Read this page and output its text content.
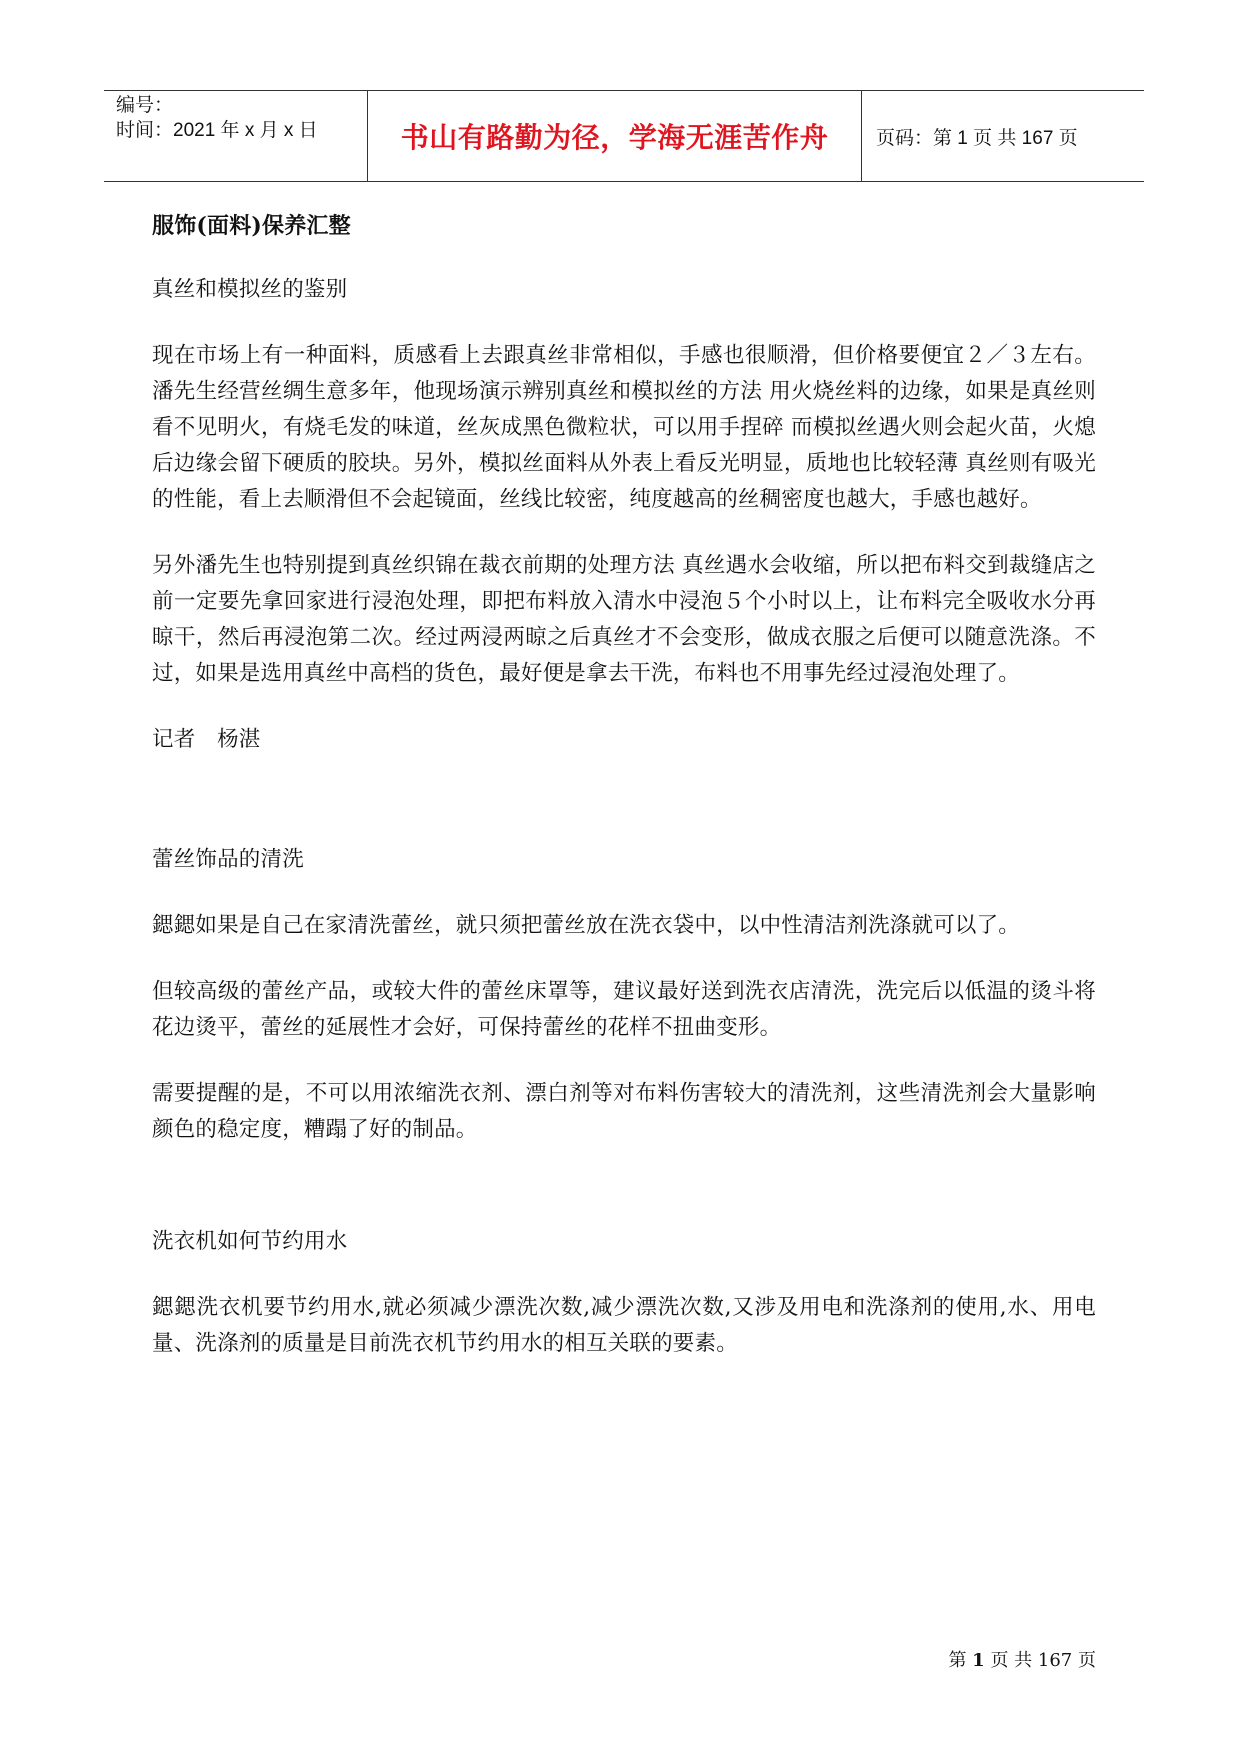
编号：
时间：2021 年 x 月 x 日	书山有路勤为径，学海无涯苦作舟	页码：第 1 页 共 167 页
服饰(面料)保养汇整
真丝和模拟丝的鉴别
现在市场上有一种面料，质感看上去跟真丝非常相似，手感也很顺滑，但价格要便宜２／３左右。潘先生经营丝绸生意多年，他现场演示辨别真丝和模拟丝的方法 用火烧丝料的边缘，如果是真丝则看不见明火，有烧毛发的味道，丝灰成黑色微粒状，可以用手捏碎 而模拟丝遇火则会起火苗，火熄后边缘会留下硬质的胶块。另外，模拟丝面料从外表上看反光明显，质地也比较轻薄 真丝则有吸光的性能，看上去顺滑但不会起镜面，丝线比较密，纯度越高的丝稠密度也越大，手感也越好。
另外潘先生也特别提到真丝织锦在裁衣前期的处理方法 真丝遇水会收缩，所以把布料交到裁缝店之前一定要先拿回家进行浸泡处理，即把布料放入清水中浸泡５个小时以上，让布料完全吸收水分再晾干，然后再浸泡第二次。经过两浸两晾之后真丝才不会变形，做成衣服之后便可以随意洗涤。不过，如果是选用真丝中高档的货色，最好便是拿去干洗，布料也不用事先经过浸泡处理了。
记者　杨湛
蕾丝饰品的清洗
鍶鍶如果是自己在家清洗蕾丝，就只须把蕾丝放在洗衣袋中，以中性清洁剂洗涤就可以了。
但较高级的蕾丝产品，或较大件的蕾丝床罩等，建议最好送到洗衣店清洗，洗完后以低温的烫斗将花边烫平，蕾丝的延展性才会好，可保持蕾丝的花样不扭曲变形。
需要提醒的是，不可以用浓缩洗衣剂、漂白剂等对布料伤害较大的清洗剂，这些清洗剂会大量影响颜色的稳定度，糟蹋了好的制品。
洗衣机如何节约用水
鍶鍶洗衣机要节约用水,就必须减少漂洗次数,减少漂洗次数,又涉及用电和洗涤剂的使用,水、用电量、洗涤剂的质量是目前洗衣机节约用水的相互关联的要素。
第 1 页 共 167 页
